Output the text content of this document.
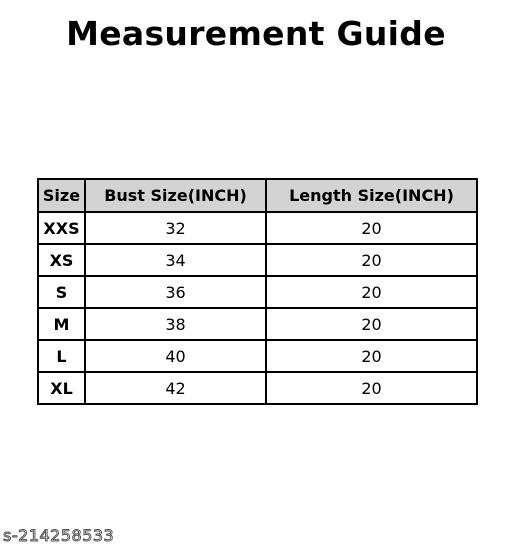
Measurement Guide
Size	Bust Size(INCH)	Length Size(INCH)
XXS	32	20
XS	34	20
S	36	20
M	38	20
L	40	20
XL	42	20
s-214258533
